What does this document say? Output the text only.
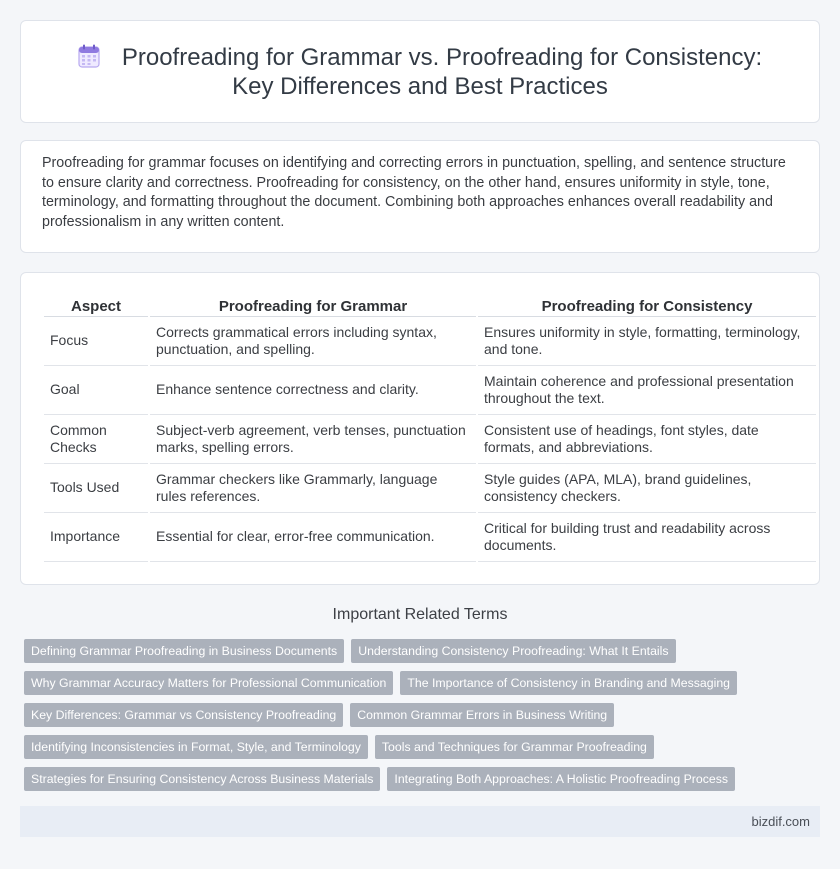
Proofreading for Grammar vs. Proofreading for Consistency: Key Differences and Best Practices

Proofreading for grammar focuses on identifying and correcting errors in punctuation, spelling, and sentence structure to ensure clarity and correctness. Proofreading for consistency, on the other hand, ensures uniformity in style, tone, terminology, and formatting throughout the document. Combining both approaches enhances overall readability and professionalism in any written content.

Aspect	Proofreading for Grammar	Proofreading for Consistency
Focus	Corrects grammatical errors including syntax, punctuation, and spelling.	Ensures uniformity in style, formatting, terminology, and tone.
Goal	Enhance sentence correctness and clarity.	Maintain coherence and professional presentation throughout the text.
Common Checks	Subject-verb agreement, verb tenses, punctuation marks, spelling errors.	Consistent use of headings, font styles, date formats, and abbreviations.
Tools Used	Grammar checkers like Grammarly, language rules references.	Style guides (APA, MLA), brand guidelines, consistency checkers.
Importance	Essential for clear, error-free communication.	Critical for building trust and readability across documents.
Important Related Terms
Defining Grammar Proofreading in Business Documents	Understanding Consistency Proofreading: What It Entails
Why Grammar Accuracy Matters for Professional Communication	The Importance of Consistency in Branding and Messaging
Key Differences: Grammar vs Consistency Proofreading	Common Grammar Errors in Business Writing
Identifying Inconsistencies in Format, Style, and Terminology	Tools and Techniques for Grammar Proofreading
Strategies for Ensuring Consistency Across Business Materials	Integrating Both Approaches: A Holistic Proofreading Process
bizdif.com
